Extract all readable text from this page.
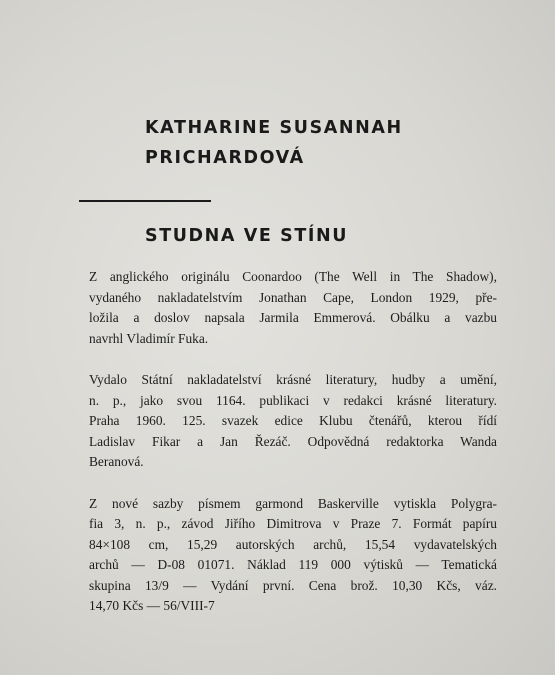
KATHARINE SUSANNAH
PRICHARDOVÁ
STUDNA VE STÍNU

Z anglického originálu Coonardoo (The Well in The Shadow),
vydaného nakladatelstvím Jonathan Cape, London 1929, pře-
ložila a doslov napsala Jarmila Emmerová. Obálku a vazbu
navrhl Vladimír Fuka.

Vydalo Státní nakladatelství krásné literatury, hudby a umění,
n. p., jako svou 1164. publikaci v redakci krásné literatury.
Praha 1960. 125. svazek edice Klubu čtenářů, kterou řídí
Ladislav Fikar a Jan Řezáč. Odpovědná redaktorka Wanda
Beranová.

Z nové sazby písmem garmond Baskerville vytiskla Polygra-
fia 3, n. p., závod Jiřího Dimitrova v Praze 7. Formát papíru
84×108 cm, 15,29 autorských archů, 15,54 vydavatelských
archů — D-08 01071. Náklad 119 000 výtisků — Tematická
skupina 13/9 — Vydání první. Cena brož. 10,30 Kčs, váz.
14,70 Kčs — 56/VIII-7
